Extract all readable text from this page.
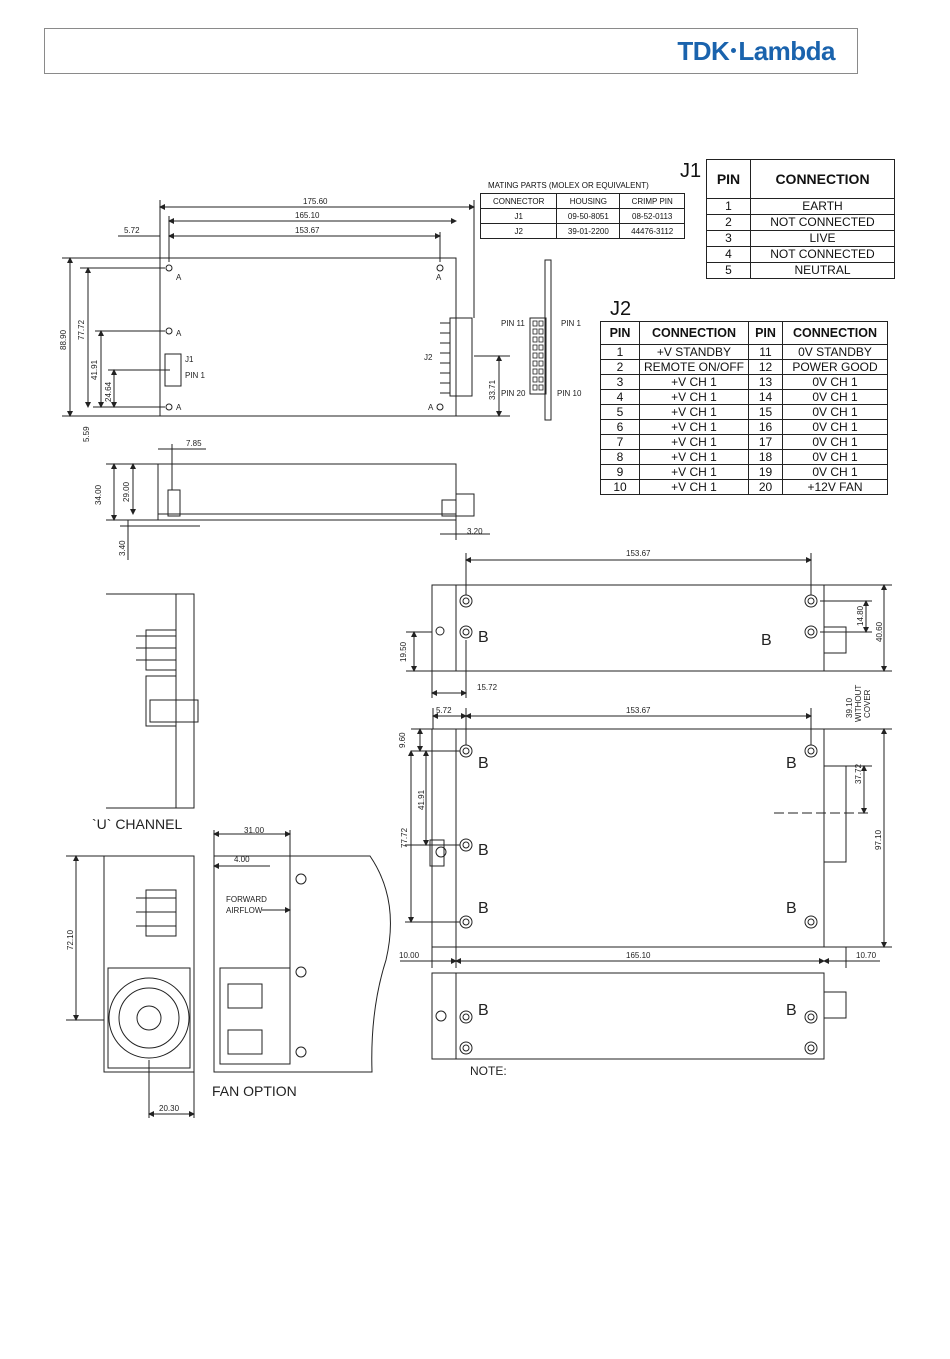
TDK Lambda
J1 PIN	CONNECTION
1	EARTH
2	NOT CONNECTED
3	LIVE
4	NOT CONNECTED
5	NEUTRAL
J2
PIN	CONNECTION	PIN	CONNECTION
1	+V STANDBY	11	0V STANDBY
2	REMOTE ON/OFF	12	POWER GOOD
3	+V CH 1	13	0V CH 1
4	+V CH 1	14	0V CH 1
5	+V CH 1	15	0V CH 1
6	+V CH 1	16	0V CH 1
7	+V CH 1	17	0V CH 1
8	+V CH 1	18	0V CH 1
9	+V CH 1	19	0V CH 1
10	+V CH 1	20	+12V FAN
MATING PARTS (MOLEX OR EQUIVALENT)
CONNECTOR	HOUSING	CRIMP PIN
J1	09-50-8051	08-52-0113
J2	39-01-2200	44476-3112
175.60
165.10
153.67
5.72
88.90 77.72
41.91
24.64	33.71
5.59
7.85
34.00 29.00
3.40
3.20
J1
PIN 1
J2
PIN 11	PIN 1
PIN 20	PIN 10
A	A
A
A	A
`U` CHANNEL
FAN OPTION
FORWARD
AIRFLOW
31.00
4.00
72.10
20.30
153.67
14.80
40.60
19.50
15.72
39.10 WITHOUT COVER
5.72	153.67
9.60
41.91
77.72
37.72
97.10
10.00	165.10	10.70
B	B
B	B
B
B	B
B	B
NOTE:
